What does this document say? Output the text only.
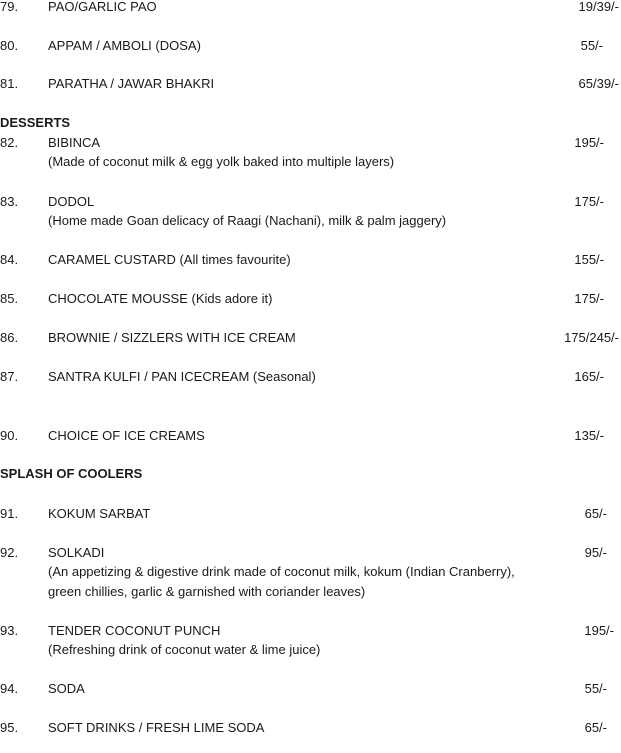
DESSERTS
SPLASH OF COOLERS
79. PAO/GARLIC PAO	19/39/-
80. APPAM / AMBOLI (DOSA)	55/-
81. PARATHA / JAWAR BHAKRI	65/39/-
82. BIBINCA	195/-
(Made of coconut milk & egg yolk baked into multiple layers)
83. DODOL	175/-
(Home made Goan delicacy of Raagi (Nachani), milk & palm jaggery)
84. CARAMEL CUSTARD (All times favourite)	155/-
85. CHOCOLATE MOUSSE (Kids adore it)	175/-
86. BROWNIE / SIZZLERS WITH ICE CREAM	175/245/-
87. SANTRA KULFI / PAN ICECREAM (Seasonal)	165/-
90. CHOICE OF ICE CREAMS	135/-
91. KOKUM SARBAT	65/-
92. SOLKADI	95/-
(An appetizing & digestive drink made of coconut milk, kokum (Indian Cranberry),
green chillies, garlic & garnished with coriander leaves)
93. TENDER COCONUT PUNCH	195/-
(Refreshing drink of coconut water & lime juice)
94. SODA	55/-
95. SOFT DRINKS / FRESH LIME SODA	65/-
